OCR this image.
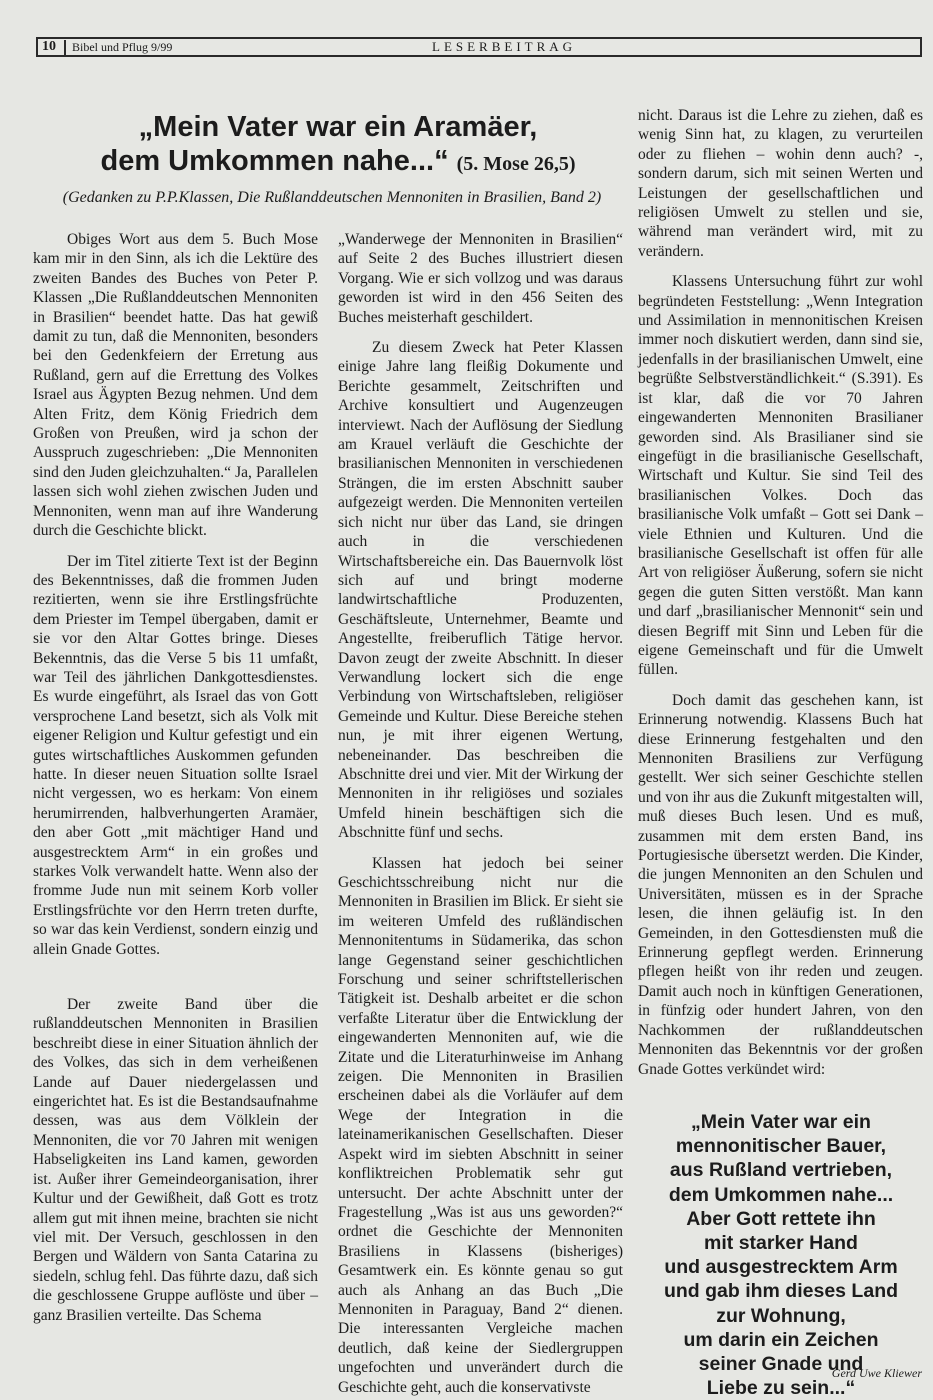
10 Bibel und Pflug 9/99	LESERBEITRAG
„Mein Vater war ein Aramäer,
dem Umkommen nahe...“ (5. Mose 26,5)
(Gedanken zu P.P.Klassen, Die Rußlanddeutschen Mennoniten in Brasilien, Band 2)

Obiges Wort aus dem 5. Buch Mose kam mir in den Sinn, als ich die Lektüre des zweiten Bandes des Buches von Peter P. Klassen „Die Rußlanddeutschen Mennoniten in Brasilien“ beendet hatte. Das hat gewiß damit zu tun, daß die Mennoniten, besonders bei den Gedenkfeiern der Erretung aus Rußland, gern auf die Errettung des Volkes Israel aus Ägypten Bezug nehmen. Und dem Alten Fritz, dem König Friedrich dem Großen von Preußen, wird ja schon der Ausspruch zugeschrieben: „Die Mennoniten sind den Juden gleichzuhalten.“ Ja, Parallelen lassen sich wohl ziehen zwischen Juden und Mennoniten, wenn man auf ihre Wanderung durch die Geschichte blickt.

Der im Titel zitierte Text ist der Beginn des Bekenntnisses, daß die frommen Juden rezitierten, wenn sie ihre Erstlingsfrüchte dem Priester im Tempel übergaben, damit er sie vor den Altar Gottes bringe. Dieses Bekenntnis, das die Verse 5 bis 11 umfaßt, war Teil des jährlichen Dankgottesdienstes. Es wurde eingeführt, als Israel das von Gott versprochene Land besetzt, sich als Volk mit eigener Religion und Kultur gefestigt und ein gutes wirtschaftliches Auskommen gefunden hatte. In dieser neuen Situation sollte Israel nicht vergessen, wo es herkam: Von einem herumirrenden, halbverhungerten Aramäer, den aber Gott „mit mächtiger Hand und ausgestrecktem Arm“ in ein großes und starkes Volk verwandelt hatte. Wenn also der fromme Jude nun mit seinem Korb voller Erstlingsfrüchte vor den Herrn treten durfte, so war das kein Verdienst, sondern einzig und allein Gnade Gottes.

Der zweite Band über die rußlanddeutschen Mennoniten in Brasilien beschreibt diese in einer Situation ähnlich der des Volkes, das sich in dem verheißenen Lande auf Dauer niedergelassen und eingerichtet hat. Es ist die Bestandsaufnahme dessen, was aus dem Völklein der Mennoniten, die vor 70 Jahren mit wenigen Habseligkeiten ins Land kamen, geworden ist. Außer ihrer Gemeindeorganisation, ihrer Kultur und der Gewißheit, daß Gott es trotz allem gut mit ihnen meine, brachten sie nicht viel mit. Der Versuch, geschlossen in den Bergen und Wäldern von Santa Catarina zu siedeln, schlug fehl. Das führte dazu, daß sich die geschlossene Gruppe auflöste und über – ganz Brasilien verteilte. Das Schema

„Wanderwege der Mennoniten in Brasilien“ auf Seite 2 des Buches illustriert diesen Vorgang. Wie er sich vollzog und was daraus geworden ist wird in den 456 Seiten des Buches meisterhaft geschildert.

Zu diesem Zweck hat Peter Klassen einige Jahre lang fleißig Dokumente und Berichte gesammelt, Zeitschriften und Archive konsultiert und Augenzeugen interviewt. Nach der Auflösung der Siedlung am Krauel verläuft die Geschichte der brasilianischen Mennoniten in verschiedenen Strängen, die im ersten Abschnitt sauber aufgezeigt werden. Die Mennoniten verteilen sich nicht nur über das Land, sie dringen auch in die verschiedenen Wirtschaftsbereiche ein. Das Bauernvolk löst sich auf und bringt moderne landwirtschaftliche Produzenten, Geschäftsleute, Unternehmer, Beamte und Angestellte, freiberuflich Tätige hervor. Davon zeugt der zweite Abschnitt. In dieser Verwandlung lockert sich die enge Verbindung von Wirtschaftsleben, religiöser Gemeinde und Kultur. Diese Bereiche stehen nun, je mit ihrer eigenen Wertung, nebeneinander. Das beschreiben die Abschnitte drei und vier. Mit der Wirkung der Mennoniten in ihr religiöses und soziales Umfeld hinein beschäftigen sich die Abschnitte fünf und sechs.

Klassen hat jedoch bei seiner Geschichtsschreibung nicht nur die Mennoniten in Brasilien im Blick. Er sieht sie im weiteren Umfeld des rußländischen Mennonitentums in Südamerika, das schon lange Gegenstand seiner geschichtlichen Forschung und seiner schriftstellerischen Tätigkeit ist. Deshalb arbeitet er die schon verfaßte Literatur über die Entwicklung der eingewanderten Mennoniten auf, wie die Zitate und die Literaturhinweise im Anhang zeigen. Die Mennoniten in Brasilien erscheinen dabei als die Vorläufer auf dem Wege der Integration in die lateinamerikanischen Gesellschaften. Dieser Aspekt wird im siebten Abschnitt in seiner konfliktreichen Problematik sehr gut untersucht. Der achte Abschnitt unter der Fragestellung „Was ist aus uns geworden?“ ordnet die Geschichte der Mennoniten Brasiliens in Klassens (bisheriges) Gesamtwerk ein. Es könnte genau so gut auch als Anhang an das Buch „Die Mennoniten in Paraguay, Band 2“ dienen. Die interessanten Vergleiche machen deutlich, daß keine der Siedlergruppen ungefochten und unverändert durch die Geschichte geht, auch die konservativste

nicht. Daraus ist die Lehre zu ziehen, daß es wenig Sinn hat, zu klagen, zu verurteilen oder zu fliehen – wohin denn auch? -, sondern darum, sich mit seinen Werten und Leistungen der gesellschaftlichen und religiösen Umwelt zu stellen und sie, während man verändert wird, mit zu verändern.

Klassens Untersuchung führt zur wohl begründeten Feststellung: „Wenn Integration und Assimilation in mennonitischen Kreisen immer noch diskutiert werden, dann sind sie, jedenfalls in der brasilianischen Umwelt, eine begrüßte Selbstverständlichkeit.“ (S.391). Es ist klar, daß die vor 70 Jahren eingewanderten Mennoniten Brasilianer geworden sind. Als Brasilianer sind sie eingefügt in die brasilianische Gesellschaft, Wirtschaft und Kultur. Sie sind Teil des brasilianischen Volkes. Doch das brasilianische Volk umfaßt – Gott sei Dank – viele Ethnien und Kulturen. Und die brasilianische Gesellschaft ist offen für alle Art von religiöser Äußerung, sofern sie nicht gegen die guten Sitten verstößt. Man kann und darf „brasilianischer Mennonit“ sein und diesen Begriff mit Sinn und Leben für die eigene Gemeinschaft und für die Umwelt füllen.

Doch damit das geschehen kann, ist Erinnerung notwendig. Klassens Buch hat diese Erinnerung festgehalten und den Mennoniten Brasiliens zur Verfügung gestellt. Wer sich seiner Geschichte stellen und von ihr aus die Zukunft mitgestalten will, muß dieses Buch lesen. Und es muß, zusammen mit dem ersten Band, ins Portugiesische übersetzt werden. Die Kinder, die jungen Mennoniten an den Schulen und Universitäten, müssen es in der Sprache lesen, die ihnen geläufig ist. In den Gemeinden, in den Gottesdiensten muß die Erinnerung gepflegt werden. Erinnerung pflegen heißt von ihr reden und zeugen. Damit auch noch in künftigen Generationen, in fünfzig oder hundert Jahren, von den Nachkommen der rußlanddeutschen Mennoniten das Bekenntnis vor der großen Gnade Gottes verkündet wird:

„Mein Vater war ein
mennonitischer Bauer,
aus Rußland vertrieben,
dem Umkommen nahe...
Aber Gott rettete ihn
mit starker Hand
und ausgestrecktem Arm
und gab ihm dieses Land
zur Wohnung,
um darin ein Zeichen
seiner Gnade und
Liebe zu sein...“
Gerd Uwe Kliewer
